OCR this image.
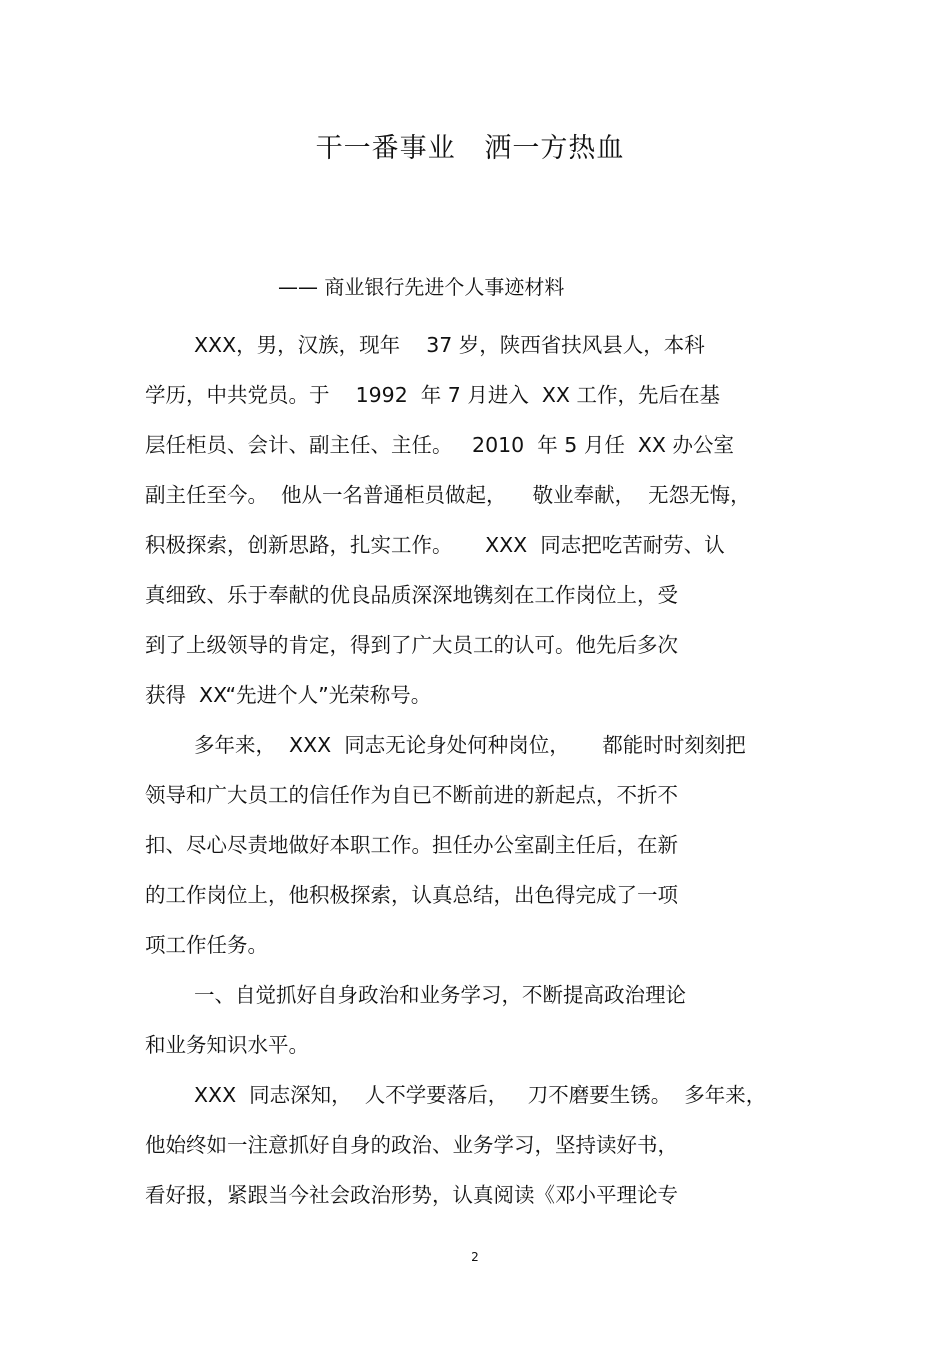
干一番事业   洒一方热血
—— 商业银行先进个人事迹材料
XXX，男，汉族，现年    37 岁，陕西省扶风县人，本科
学历，中共党员。于    1992  年 7 月进入  XX 工作，先后在基
层任柜员、会计、副主任、主任。   2010  年 5 月任  XX 办公室
副主任至今。  他从一名普通柜员做起，    敬业奉献，  无怨无悔，
积极探索，创新思路，扎实工作。     XXX  同志把吃苦耐劳、认
真细致、乐于奉献的优良品质深深地镌刻在工作岗位上，受
到了上级领导的肯定，得到了广大员工的认可。他先后多次
获得  XX“先进个人”光荣称号。
多年来，  XXX  同志无论身处何种岗位，     都能时时刻刻把
领导和广大员工的信任作为自已不断前进的新起点，不折不
扣、尽心尽责地做好本职工作。担任办公室副主任后，在新
的工作岗位上，他积极探索，认真总结，出色得完成了一项
项工作任务。
一、自觉抓好自身政治和业务学习，不断提高政治理论
和业务知识水平。
XXX  同志深知，  人不学要落后，   刀不磨要生锈。  多年来，
他始终如一注意抓好自身的政治、业务学习，坚持读好书，
看好报，紧跟当今社会政治形势，认真阅读《邓小平理论专
2
